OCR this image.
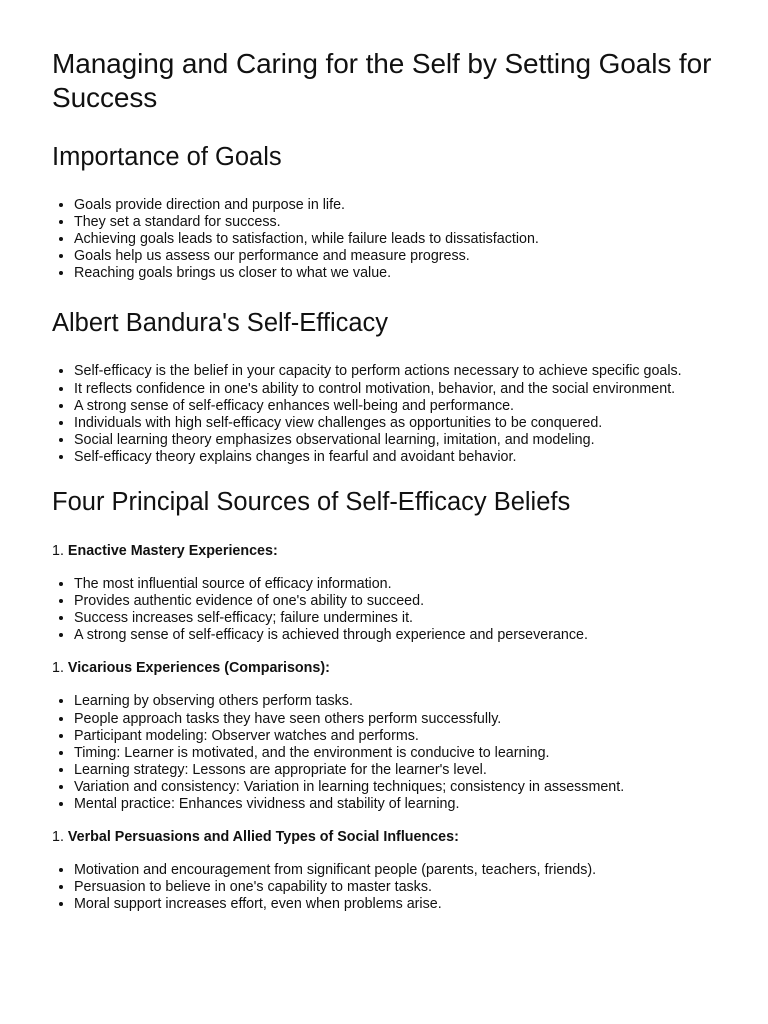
Managing and Caring for the Self by Setting Goals for Success
Importance of Goals
• Goals provide direction and purpose in life.
• They set a standard for success.
• Achieving goals leads to satisfaction, while failure leads to dissatisfaction.
• Goals help us assess our performance and measure progress.
• Reaching goals brings us closer to what we value.
Albert Bandura's Self-Efficacy
• Self-efficacy is the belief in your capacity to perform actions necessary to achieve specific goals.
• It reflects confidence in one's ability to control motivation, behavior, and the social environment.
• A strong sense of self-efficacy enhances well-being and performance.
• Individuals with high self-efficacy view challenges as opportunities to be conquered.
• Social learning theory emphasizes observational learning, imitation, and modeling.
• Self-efficacy theory explains changes in fearful and avoidant behavior.
Four Principal Sources of Self-Efficacy Beliefs

1. Enactive Mastery Experiences:

• The most influential source of efficacy information.
• Provides authentic evidence of one's ability to succeed.
• Success increases self-efficacy; failure undermines it.
• A strong sense of self-efficacy is achieved through experience and perseverance.

1. Vicarious Experiences (Comparisons):

• Learning by observing others perform tasks.
• People approach tasks they have seen others perform successfully.
• Participant modeling: Observer watches and performs.
• Timing: Learner is motivated, and the environment is conducive to learning.
• Learning strategy: Lessons are appropriate for the learner's level.
• Variation and consistency: Variation in learning techniques; consistency in assessment.
• Mental practice: Enhances vividness and stability of learning.

1. Verbal Persuasions and Allied Types of Social Influences:

• Motivation and encouragement from significant people (parents, teachers, friends).
• Persuasion to believe in one's capability to master tasks.
• Moral support increases effort, even when problems arise.
